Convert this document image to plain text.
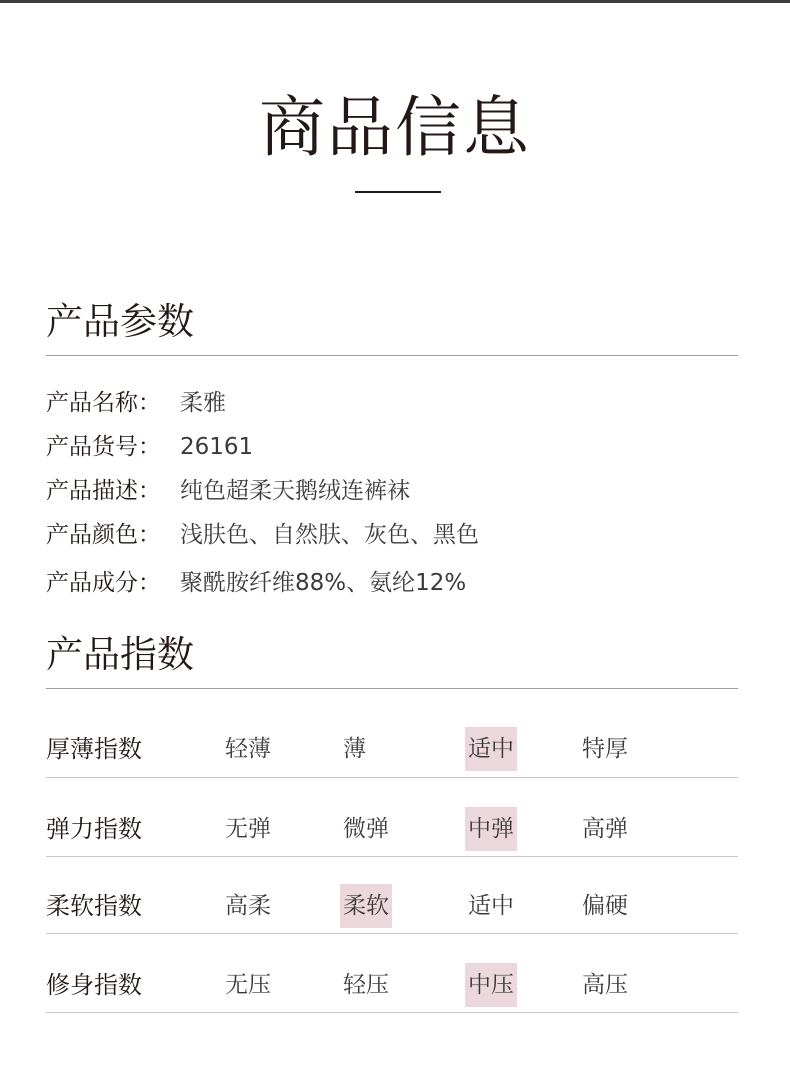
商品信息
产品参数
产品名称： 柔雅
产品货号： 26161
产品描述： 纯色超柔天鹅绒连裤袜
产品颜色： 浅肤色、自然肤、灰色、黑色
产品成分： 聚酰胺纤维88%、氨纶12%
产品指数
厚薄指数	轻薄	薄	适中	特厚
弹力指数	无弹	微弹	中弹	高弹
柔软指数	高柔	柔软	适中	偏硬
修身指数	无压	轻压	中压	高压
